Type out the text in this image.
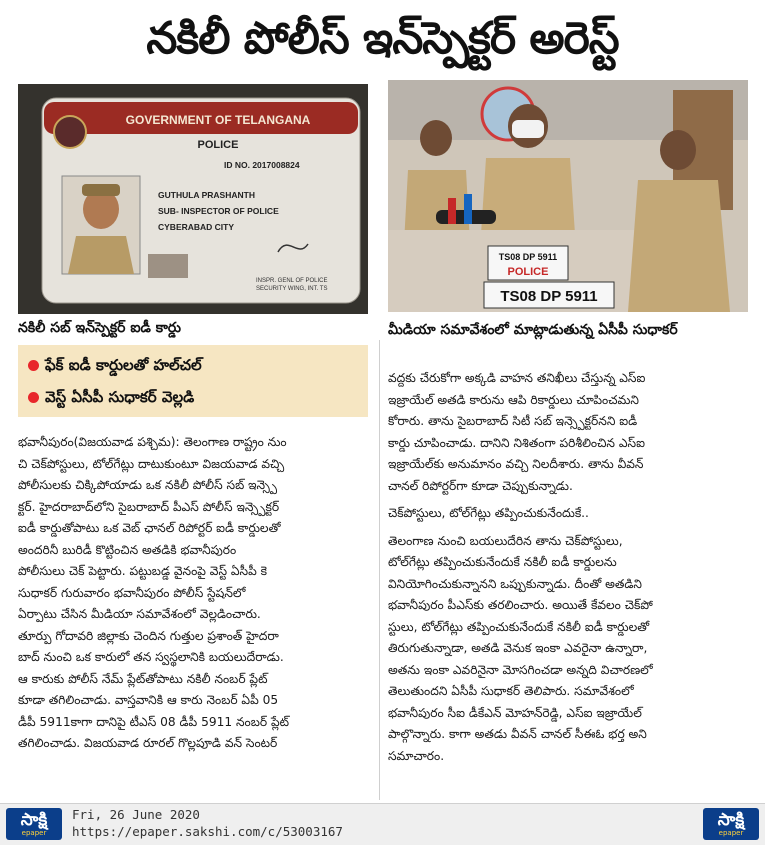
నకిలీ పోలీస్ ఇన్‌స్పెక్టర్ అరెస్ట్
GOVERNMENT OF TELANGANA
POLICE
ID NO. 2017008824
GUTHULA PRASHANTH
SUB- INSPECTOR OF POLICE
CYBERABAD CITY
INSPR. GENL OF POLICE
SECURITY WING, INT. TS
TS08 DP 5911
POLICE
TS08 DP 5911
నకిలీ సబ్ ఇన్‌స్పెక్టర్ ఐడీ కార్డు	మీడియా సమావేశంలో మాట్లాడుతున్న ఏసీపీ సుధాకర్
ఫేక్ ఐడీ కార్డులతో హల్‌చల్
వెస్ట్ ఏసీపీ సుధాకర్ వెల్లడి
భవానీపురం(విజయవాడ పశ్చిమ): తెలంగాణ రాష్ట్రం నుం
చి చెక్‌పోస్టులు, టోల్‌గేట్లు దాటుకుంటూ విజయవాడ వచ్చి
పోలీసులకు చిక్కిపోయాడు ఒక నకిలీ పోలీస్ సబ్ ఇన్స్పె
క్టర్. హైదరాబాద్‌లోని సైబరాబాద్ పీఎస్ పోలీస్ ఇన్స్పెక్టర్
ఐడీ కార్డుతోపాటు ఒక వెబ్ ఛానల్ రిపోర్టర్ ఐడీ కార్డులతో
అందరినీ బురిడీ కొట్టించిన అతడికి భవానీపురం
పోలీసులు చెక్ పెట్టారు. పట్టుబడ్డ వైనంపై వెస్ట్ ఏసీపీ కె
సుధాకర్ గురువారం భవానీపురం పోలీస్ స్టేషన్‌లో
ఏర్పాటు చేసిన మీడియా సమావేశంలో వెల్లడించారు.
తూర్పు గోదావరి జిల్లాకు చెందిన గుత్తుల ప్రశాంత్ హైదరా
బాద్ నుంచి ఒక కారులో తన స్వస్థలానికి బయలుదేరాడు.
ఆ కారుకు పోలీస్ నేమ్ ప్లేట్‌తోపాటు నకిలీ నంబర్ ప్లేట్
కూడా తగిలించాడు. వాస్తవానికి ఆ కారు నెంబర్ ఏపీ 05
డీపీ 5911కాగా దానిపై టీఎస్ 08 డీపీ 5911 నంబర్ ప్లేట్
తగిలించాడు. విజయవాడ రూరల్ గొల్లపూడి వన్ సెంటర్
వద్దకు చేరుకోగా అక్కడి వాహన తనిఖీలు చేస్తున్న ఎస్ఐ
ఇజ్రాయేల్ అతడి కారును ఆపి రికార్డులు చూపించమని
కోరారు. తాను సైబరాబాద్ సిటీ సబ్ ఇన్స్పెక్టర్‌నని ఐడీ
కార్డు చూపించాడు. దానిని నిశితంగా పరిశీలించిన ఎస్ఐ
ఇజ్రాయేల్‌కు అనుమానం వచ్చి నిలదీశారు. తాను వీవన్
చానల్ రిపోర్టర్‌గా కూడా చెప్పుకున్నాడు.
చెక్‌పోస్టులు, టోల్‌గేట్లు తప్పించుకునేందుకే..
తెలంగాణ నుంచి బయలుదేరిన తాను చెక్‌పోస్టులు,
టోల్‌గేట్లు తప్పించుకునేందుకే నకిలీ ఐడీ కార్డులను
వినియోగించుకున్నానని ఒప్పుకున్నాడు. దీంతో అతడిని
భవానీపురం పీఎస్‌కు తరలించారు. అయితే కేవలం చెక్‌పో
స్టులు, టోల్‌గేట్లు తప్పించుకునేందుకే నకిలీ ఐడీ కార్డులతో
తిరుగుతున్నాడా, అతడి వెనుక ఇంకా ఎవరైనా ఉన్నారా,
అతను ఇంకా ఎవరినైనా మోసగించడా అన్నది విచారణలో
తెలుతుందని ఏసీపీ సుధాకర్ తెలిపారు. సమావేశంలో
భవానీపురం సీఐ డీకేఎన్ మోహన్‌రెడ్డి, ఎస్ఐ ఇజ్రాయేల్
పాల్గొన్నారు. కాగా అతడు వీవన్ చానల్ సీఈఓ భర్త అని
సమాచారం.
సాక్షి
epaper
Fri, 26 June 2020
https://epaper.sakshi.com/c/53003167
సాక్షి
epaper
